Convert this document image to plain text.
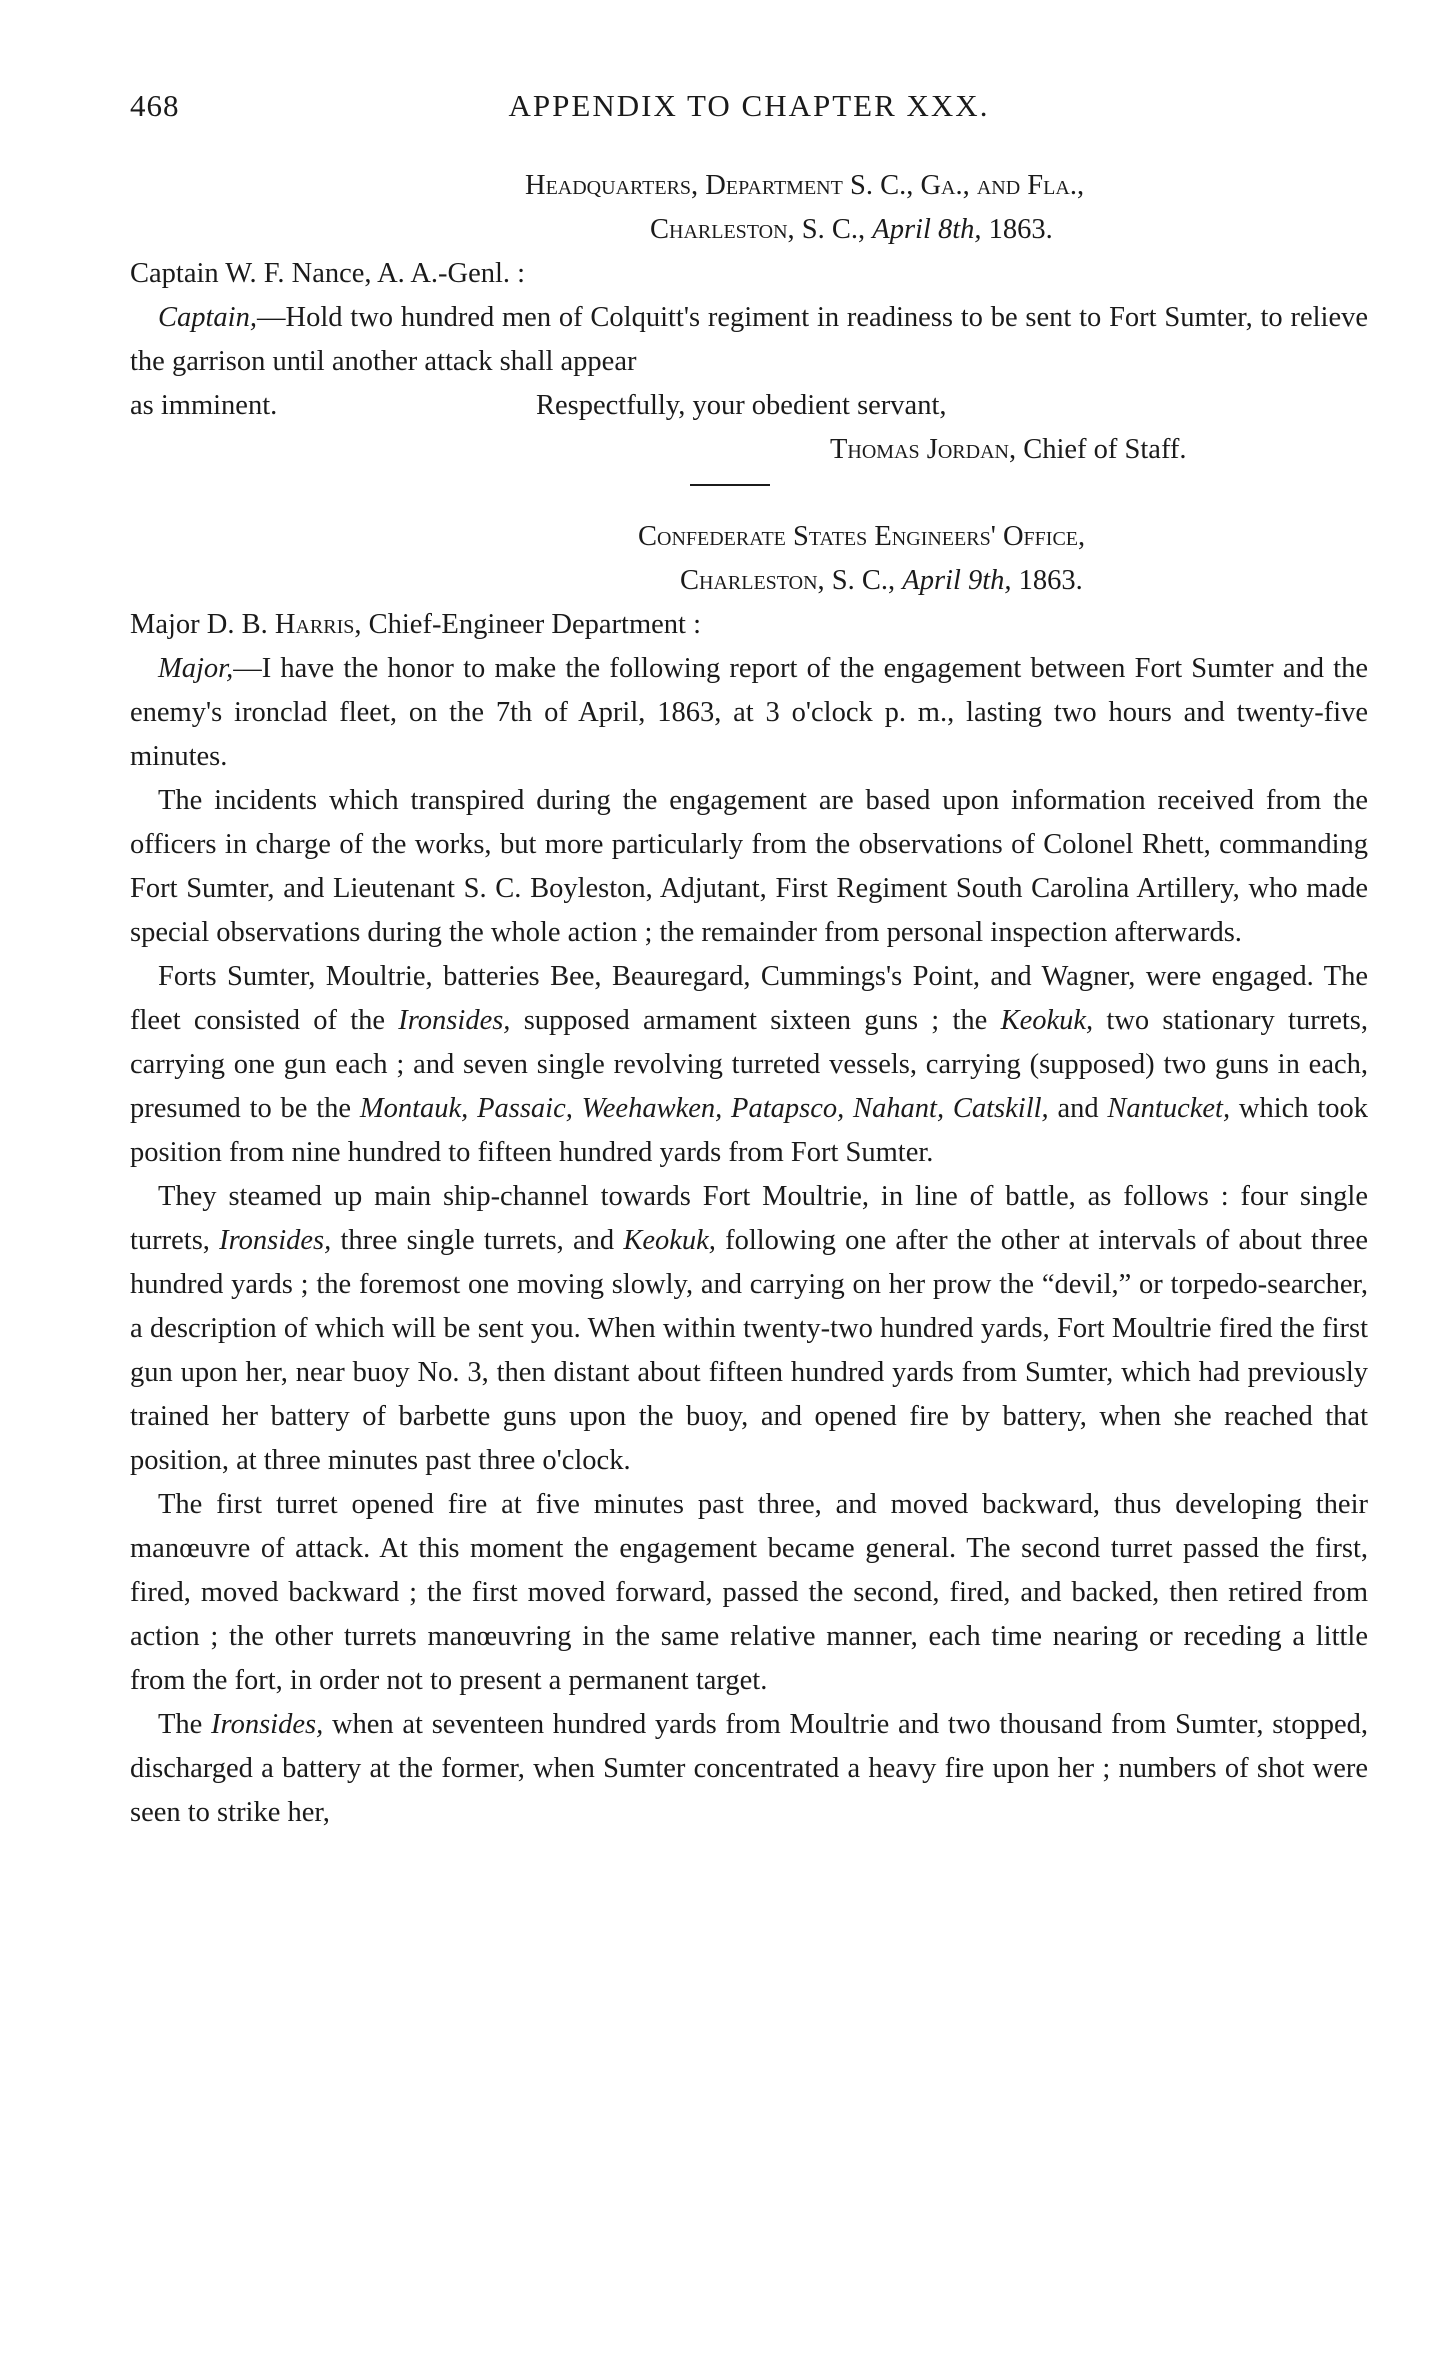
468	APPENDIX TO CHAPTER XXX.
Headquarters, Department S. C., Ga., and Fla.,
Charleston, S. C., April 8th, 1863.
Captain W. F. Nance, A. A.-Genl. :

Captain,—Hold two hundred men of Colquitt's regiment in readiness to be sent to Fort Sumter, to relieve the garrison until another attack shall appear

as imminent.	Respectfully, your obedient servant,
Thomas Jordan, Chief of Staff.
Confederate States Engineers' Office,
Charleston, S. C., April 9th, 1863.
Major D. B. Harris, Chief-Engineer Department :

Major,—I have the honor to make the following report of the engagement between Fort Sumter and the enemy's ironclad fleet, on the 7th of April, 1863, at 3 o'clock p. m., lasting two hours and twenty-five minutes.

The incidents which transpired during the engagement are based upon information received from the officers in charge of the works, but more particularly from the observations of Colonel Rhett, commanding Fort Sumter, and Lieutenant S. C. Boyleston, Adjutant, First Regiment South Carolina Artillery, who made special observations during the whole action ; the remainder from personal inspection afterwards.

Forts Sumter, Moultrie, batteries Bee, Beauregard, Cummings's Point, and Wagner, were engaged. The fleet consisted of the Ironsides, supposed armament sixteen guns ; the Keokuk, two stationary turrets, carrying one gun each ; and seven single revolving turreted vessels, carrying (supposed) two guns in each, presumed to be the Montauk, Passaic, Weehawken, Patapsco, Nahant, Catskill, and Nantucket, which took position from nine hundred to fifteen hundred yards from Fort Sumter.

They steamed up main ship-channel towards Fort Moultrie, in line of battle, as follows : four single turrets, Ironsides, three single turrets, and Keokuk, following one after the other at intervals of about three hundred yards ; the foremost one moving slowly, and carrying on her prow the “devil,” or torpedo-searcher, a description of which will be sent you. When within twenty-two hundred yards, Fort Moultrie fired the first gun upon her, near buoy No. 3, then distant about fifteen hundred yards from Sumter, which had previously trained her battery of barbette guns upon the buoy, and opened fire by battery, when she reached that position, at three minutes past three o'clock.

The first turret opened fire at five minutes past three, and moved backward, thus developing their manœuvre of attack. At this moment the engagement became general. The second turret passed the first, fired, moved backward ; the first moved forward, passed the second, fired, and backed, then retired from action ; the other turrets manœuvring in the same relative manner, each time nearing or receding a little from the fort, in order not to present a permanent target.

The Ironsides, when at seventeen hundred yards from Moultrie and two thousand from Sumter, stopped, discharged a battery at the former, when Sumter concentrated a heavy fire upon her ; numbers of shot were seen to strike her,
